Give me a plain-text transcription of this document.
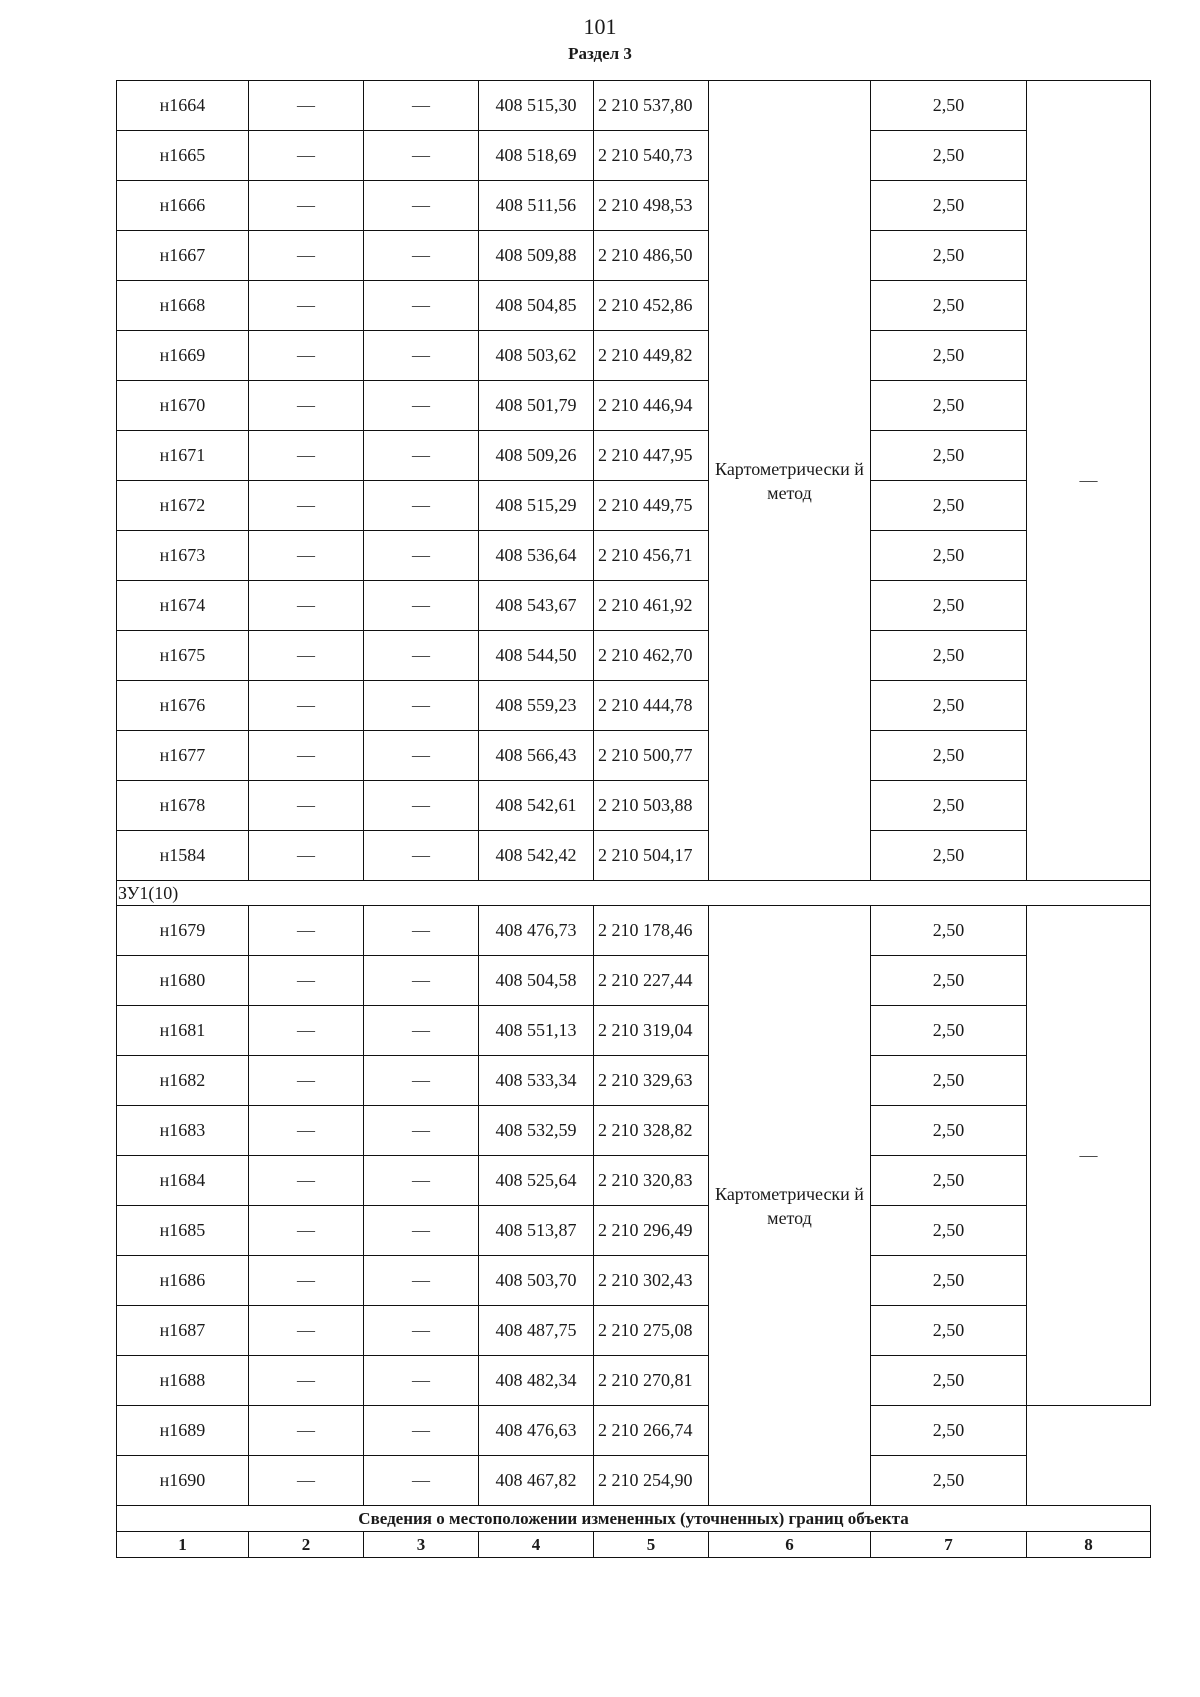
101
Раздел 3
н1664	—	—	408 515,30	2 210 537,80	Картометрически й метод	2,50	—
н1665	—	—	408 518,69	2 210 540,73		2,50	
н1666	—	—	408 511,56	2 210 498,53		2,50	
н1667	—	—	408 509,88	2 210 486,50		2,50	
н1668	—	—	408 504,85	2 210 452,86		2,50	
н1669	—	—	408 503,62	2 210 449,82		2,50	
н1670	—	—	408 501,79	2 210 446,94		2,50	
н1671	—	—	408 509,26	2 210 447,95		2,50	
н1672	—	—	408 515,29	2 210 449,75		2,50	
н1673	—	—	408 536,64	2 210 456,71		2,50	
н1674	—	—	408 543,67	2 210 461,92		2,50	
н1675	—	—	408 544,50	2 210 462,70		2,50	
н1676	—	—	408 559,23	2 210 444,78		2,50	
н1677	—	—	408 566,43	2 210 500,77		2,50	
н1678	—	—	408 542,61	2 210 503,88		2,50	
н1584	—	—	408 542,42	2 210 504,17		2,50	
ЗУ1(10)							
н1679	—	—	408 476,73	2 210 178,46	Картометрически й метод	2,50	—
н1680	—	—	408 504,58	2 210 227,44		2,50	
н1681	—	—	408 551,13	2 210 319,04		2,50	
н1682	—	—	408 533,34	2 210 329,63		2,50	
н1683	—	—	408 532,59	2 210 328,82		2,50	
н1684	—	—	408 525,64	2 210 320,83		2,50	
н1685	—	—	408 513,87	2 210 296,49		2,50	
н1686	—	—	408 503,70	2 210 302,43		2,50	
н1687	—	—	408 487,75	2 210 275,08		2,50	
н1688	—	—	408 482,34	2 210 270,81		2,50	
н1689	—	—	408 476,63	2 210 266,74		2,50	
н1690	—	—	408 467,82	2 210 254,90		2,50	
Сведения о местоположении измененных (уточненных) границ объекта							
1	2	3	4	5	6	7	8
